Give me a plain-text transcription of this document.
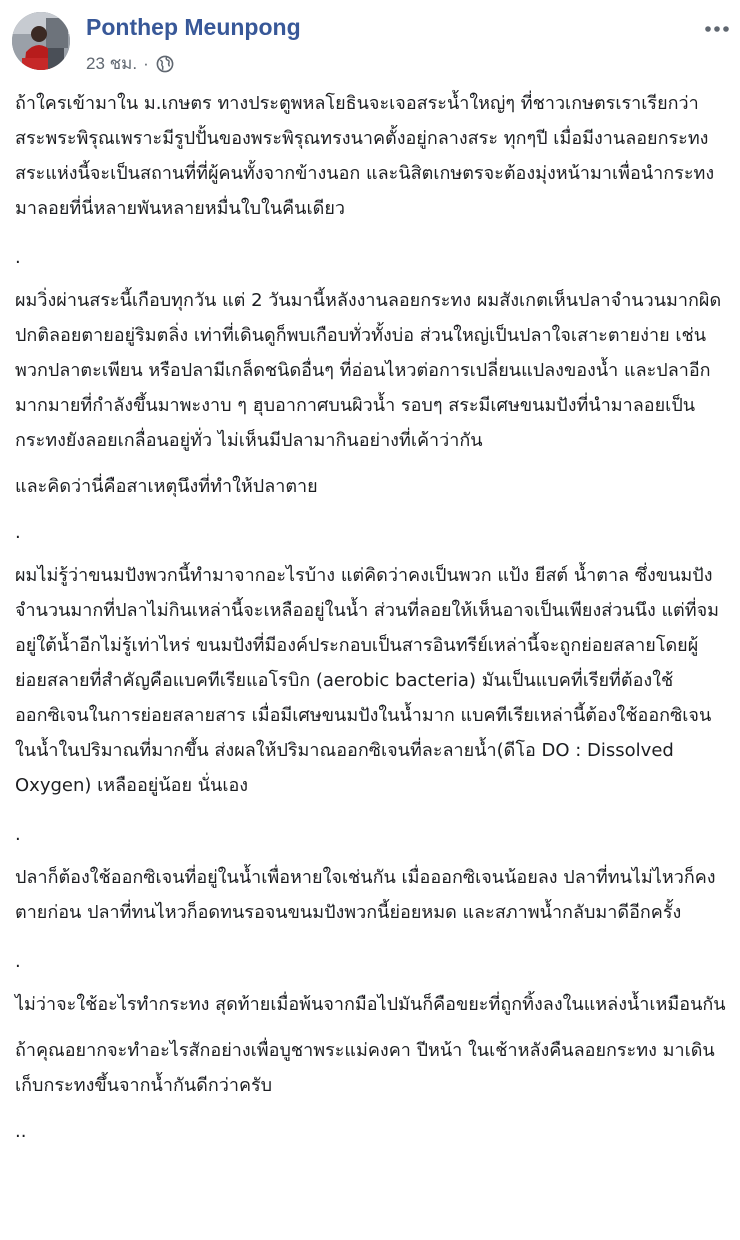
Ponthep Meunpong
23 ชม. ·

ถ้าใครเข้ามาใน ม.เกษตร ทางประตูพหลโยธินจะเจอสระน้ำใหญ่ๆ ที่ชาวเกษตรเราเรียกว่าสระพระพิรุณเพราะมีรูปปั้นของพระพิรุณทรงนาคตั้งอยู่กลางสระ ทุกๆปี เมื่อมีงานลอยกระทง สระแห่งนี้จะเป็นสถานที่ที่ผู้คนทั้งจากข้างนอก และนิสิตเกษตรจะต้องมุ่งหน้ามาเพื่อนำกระทงมาลอยที่นี่หลายพันหลายหมื่นใบในคืนเดียว

.

ผมวิ่งผ่านสระนี้เกือบทุกวัน แต่ 2 วันมานี้หลังงานลอยกระทง ผมสังเกตเห็นปลาจำนวนมากผิดปกติลอยตายอยู่ริมตลิ่ง เท่าที่เดินดูก็พบเกือบทั่วทั้งบ่อ ส่วนใหญ่เป็นปลาใจเสาะตายง่าย เช่น พวกปลาตะเพียน หรือปลามีเกล็ดชนิดอื่นๆ ที่อ่อนไหวต่อการเปลี่ยนแปลงของน้ำ และปลาอีกมากมายที่กำลังขึ้นมาพะงาบ ๆ ฮุบอากาศบนผิวน้ำ รอบๆ สระมีเศษขนมปังที่นำมาลอยเป็นกระทงยังลอยเกลื่อนอยู่ทั่ว ไม่เห็นมีปลามากินอย่างที่เค้าว่ากัน

และคิดว่านี่คือสาเหตุนึงที่ทำให้ปลาตาย

.

ผมไม่รู้ว่าขนมปังพวกนี้ทำมาจากอะไรบ้าง แต่คิดว่าคงเป็นพวก แป้ง ยีสต์ น้ำตาล ซึ่งขนมปังจำนวนมากที่ปลาไม่กินเหล่านี้จะเหลืออยู่ในน้ำ ส่วนที่ลอยให้เห็นอาจเป็นเพียงส่วนนึง แต่ที่จมอยู่ใต้น้ำอีกไม่รู้เท่าไหร่ ขนมปังที่มีองค์ประกอบเป็นสารอินทรีย์เหล่านี้จะถูกย่อยสลายโดยผู้ย่อยสลายที่สำคัญคือแบคทีเรียแอโรบิก (aerobic bacteria) มันเป็นแบคที่เรียที่ต้องใช้ออกซิเจนในการย่อยสลายสาร เมื่อมีเศษขนมปังในน้ำมาก แบคทีเรียเหล่านี้ต้องใช้ออกซิเจนในน้ำในปริมาณที่มากขึ้น ส่งผลให้ปริมาณออกซิเจนที่ละลายน้ำ(ดีโอ DO : Dissolved Oxygen) เหลืออยู่น้อย นั่นเอง

.

ปลาก็ต้องใช้ออกซิเจนที่อยู่ในน้ำเพื่อหายใจเช่นกัน เมื่อออกซิเจนน้อยลง ปลาที่ทนไม่ไหวก็คงตายก่อน ปลาที่ทนไหวก็อดทนรอจนขนมปังพวกนี้ย่อยหมด และสภาพน้ำกลับมาดีอีกครั้ง

.

ไม่ว่าจะใช้อะไรทำกระทง สุดท้ายเมื่อพ้นจากมือไปมันก็คือขยะที่ถูกทิ้งลงในแหล่งน้ำเหมือนกัน

ถ้าคุณอยากจะทำอะไรสักอย่างเพื่อบูชาพระแม่คงคา ปีหน้า ในเช้าหลังคืนลอยกระทง มาเดินเก็บกระทงขึ้นจากน้ำกันดีกว่าครับ

..
